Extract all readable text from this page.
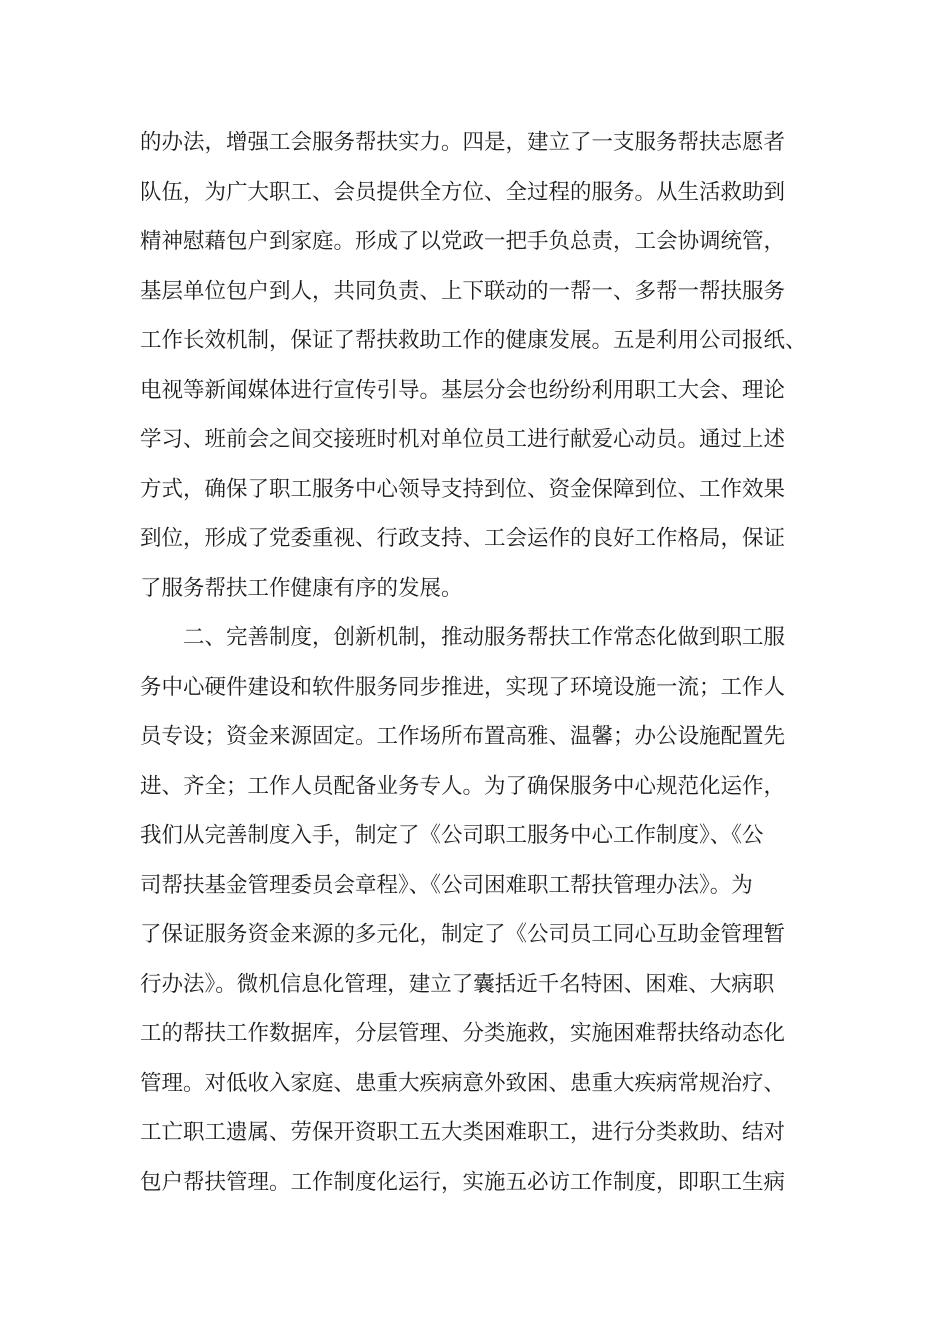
的办法，增强工会服务帮扶实力。四是，建立了一支服务帮扶志愿者
队伍，为广大职工、会员提供全方位、全过程的服务。从生活救助到
精神慰藉包户到家庭。形成了以党政一把手负总责，工会协调统管，
基层单位包户到人，共同负责、上下联动的一帮一、多帮一帮扶服务
工作长效机制，保证了帮扶救助工作的健康发展。五是利用公司报纸、
电视等新闻媒体进行宣传引导。基层分会也纷纷利用职工大会、理论
学习、班前会之间交接班时机对单位员工进行献爱心动员。通过上述
方式，确保了职工服务中心领导支持到位、资金保障到位、工作效果
到位，形成了党委重视、行政支持、工会运作的良好工作格局，保证
了服务帮扶工作健康有序的发展。
二、完善制度，创新机制，推动服务帮扶工作常态化做到职工服
务中心硬件建设和软件服务同步推进，实现了环境设施一流；工作人
员专设；资金来源固定。工作场所布置高雅、温馨；办公设施配置先
进、齐全；工作人员配备业务专人。为了确保服务中心规范化运作，
我们从完善制度入手，制定了《公司职工服务中心工作制度》、《公
司帮扶基金管理委员会章程》、《公司困难职工帮扶管理办法》。为
了保证服务资金来源的多元化，制定了《公司员工同心互助金管理暂
行办法》。微机信息化管理，建立了囊括近千名特困、困难、大病职
工的帮扶工作数据库，分层管理、分类施救，实施困难帮扶络动态化
管理。对低收入家庭、患重大疾病意外致困、患重大疾病常规治疗、
工亡职工遗属、劳保开资职工五大类困难职工，进行分类救助、结对
包户帮扶管理。工作制度化运行，实施五必访工作制度，即职工生病
